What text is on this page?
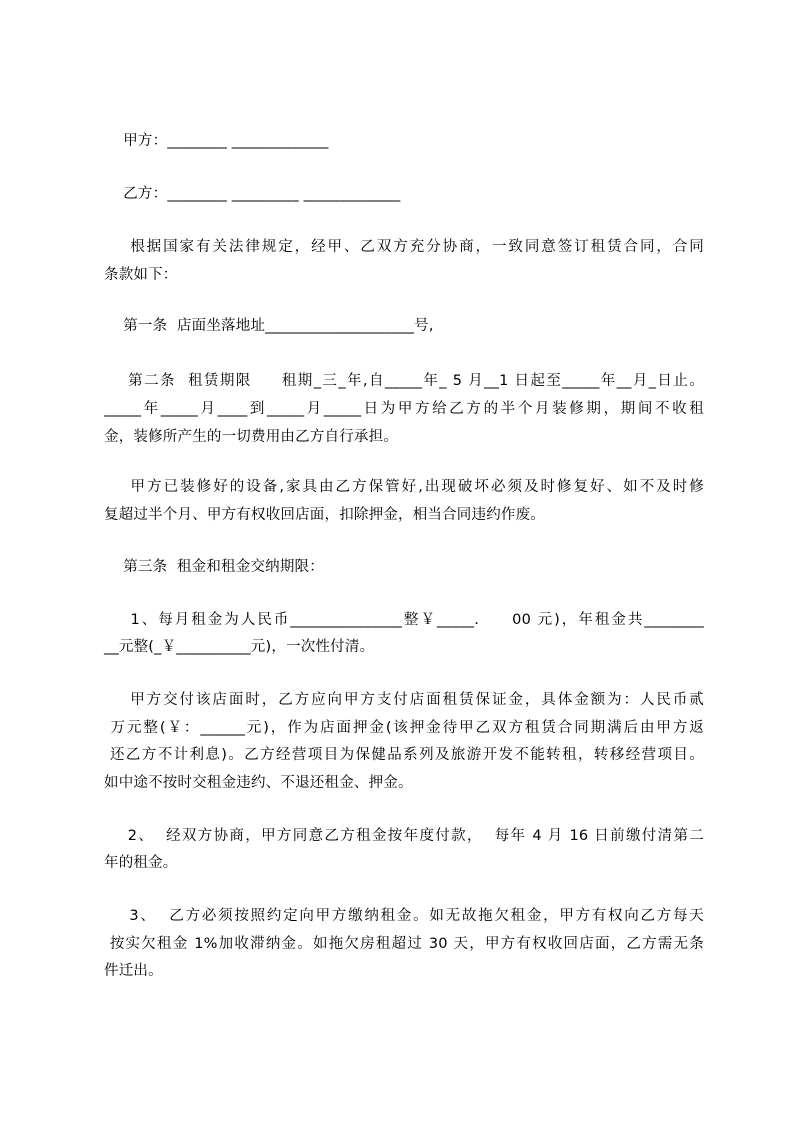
甲方：________ _____________
乙方：________ _________ _____________
根据国家有关法律规定，经甲、乙双方充分协商，一致同意签订租赁合同，合同
条款如下：
第一条  店面坐落地址____________________号,
第二条  租赁期限     租期_三_年,自_____年_ 5 月__1 日起至_____年__月_日止。
_____年_____月____到_____月_____日为甲方给乙方的半个月装修期，期间不收租
金，装修所产生的一切费用由乙方自行承担。
甲方已装修好的设备,家具由乙方保管好,出现破坏必须及时修复好、如不及时修
复超过半个月、甲方有权收回店面，扣除押金，相当合同违约作废。
第三条  租金和租金交纳期限：
1、每月租金为人民币_______________整￥_____.     00 元)，年租金共________
__元整(_￥__________元)，一次性付清。
甲方交付该店面时，乙方应向甲方支付店面租赁保证金，具体金额为：人民币贰
万元整(￥：______元)，作为店面押金(该押金待甲乙双方租赁合同期满后由甲方返
还乙方不计利息)。乙方经营项目为保健品系列及旅游开发不能转租，转移经营项目。
如中途不按时交租金违约、不退还租金、押金。
2、  经双方协商，甲方同意乙方租金按年度付款，  每年 4 月 16 日前缴付清第二
年的租金。
3、  乙方必须按照约定向甲方缴纳租金。如无故拖欠租金，甲方有权向乙方每天
按实欠租金 1%加收滞纳金。如拖欠房租超过 30 天，甲方有权收回店面，乙方需无条
件迁出。
